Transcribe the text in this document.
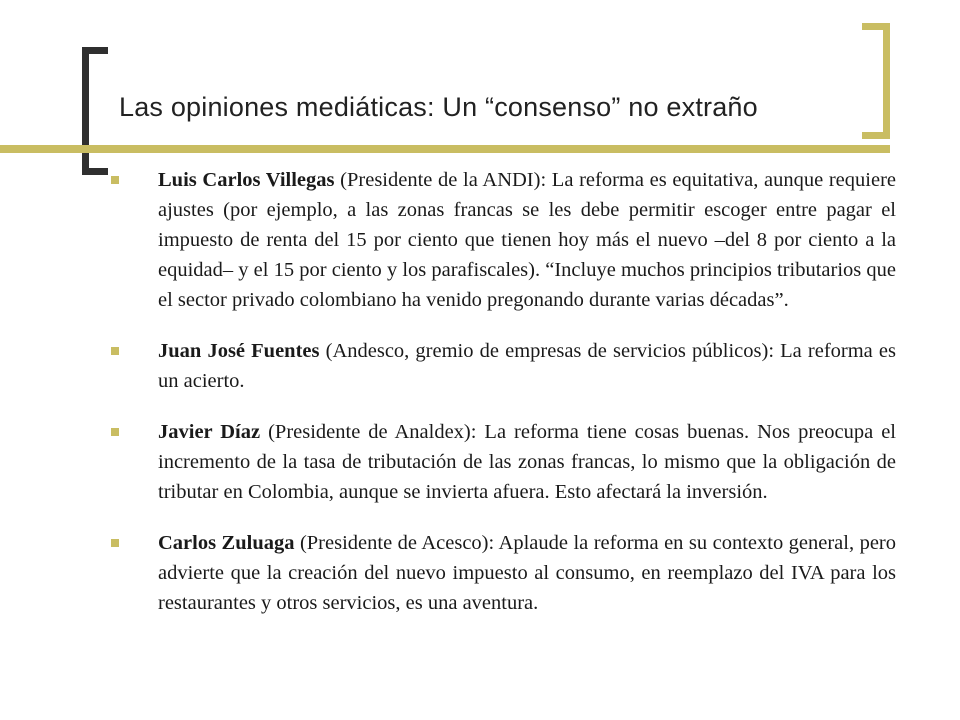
Las opiniones mediáticas: Un “consenso” no extraño

Luis Carlos Villegas (Presidente de la ANDI): La reforma es equitativa, aunque requiere ajustes (por ejemplo, a las zonas francas se les debe permitir escoger entre pagar el impuesto de renta del 15 por ciento que tienen hoy más el nuevo –del 8 por ciento a la equidad– y el 15 por ciento y los parafiscales). “Incluye muchos principios tributarios que el sector privado colombiano ha venido pregonando durante varias décadas”.

Juan José Fuentes (Andesco, gremio de empresas de servicios públicos): La reforma es un acierto.

Javier Díaz (Presidente de Analdex): La reforma tiene cosas buenas. Nos preocupa el incremento de la tasa de tributación de las zonas francas, lo mismo que la obligación de tributar en Colombia, aunque se invierta afuera. Esto afectará la inversión.

Carlos Zuluaga (Presidente de Acesco): Aplaude la reforma en su contexto general, pero advierte que la creación del nuevo impuesto al consumo, en reemplazo del IVA para los restaurantes y otros servicios, es una aventura.
